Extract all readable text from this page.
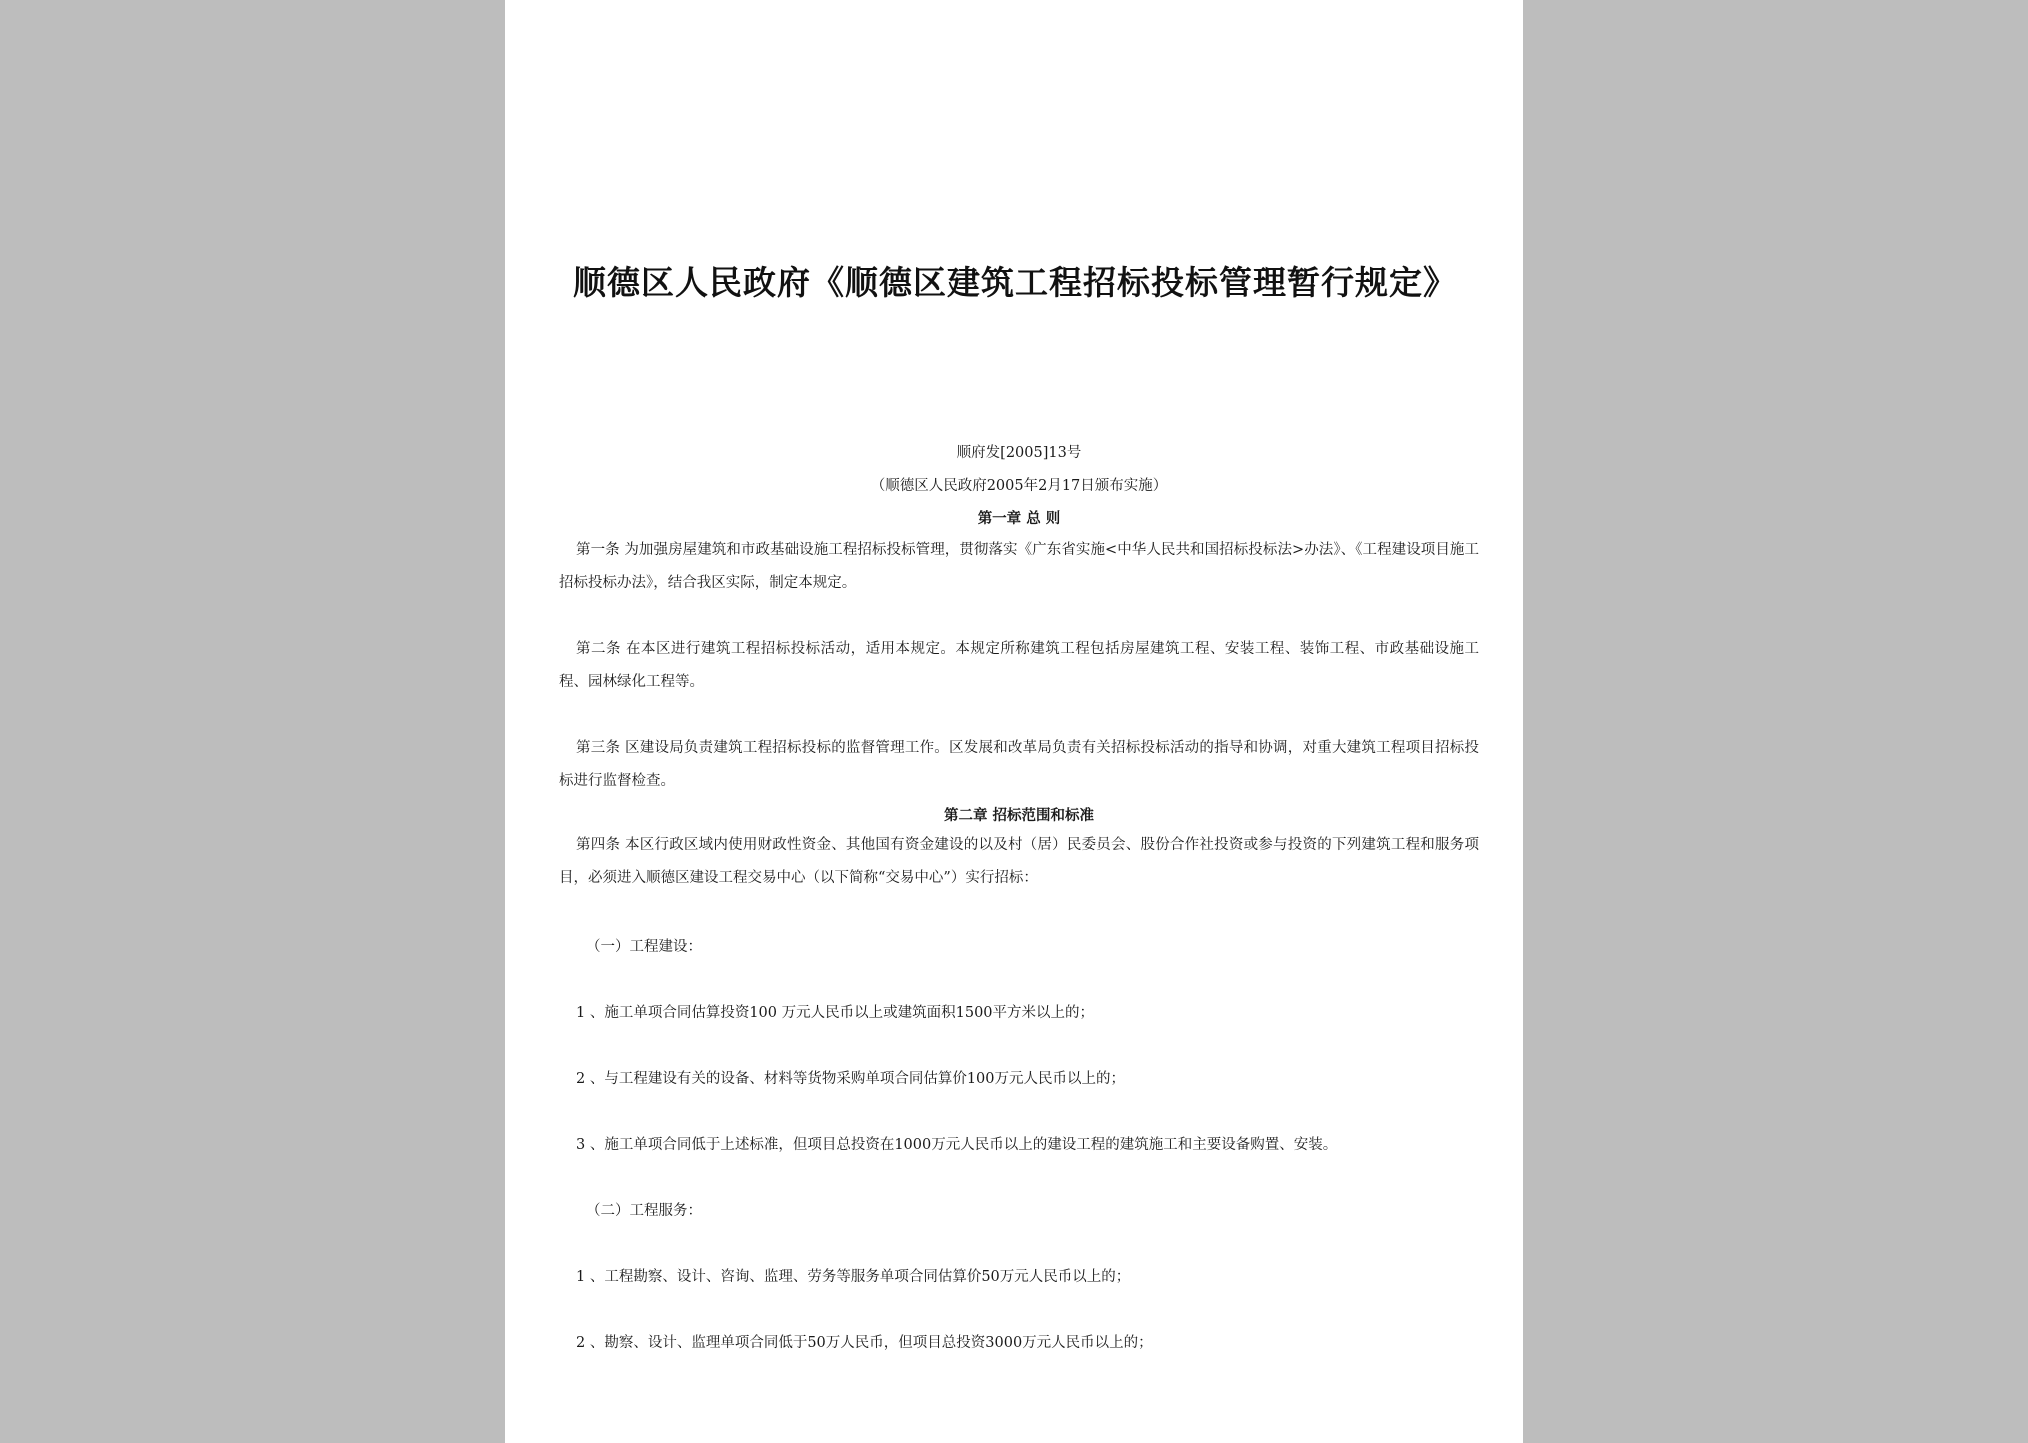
顺德区人民政府《顺德区建筑工程招标投标管理暂行规定》
顺府发[2005]13号
（顺德区人民政府2005年2月17日颁布实施）
第一章 总 则
第一条 为加强房屋建筑和市政基础设施工程招标投标管理，贯彻落实《广东省实施<中华人民共和国招标投标法>办法》、《工程建设项目施工招标投标办法》，结合我区实际，制定本规定。
第二条 在本区进行建筑工程招标投标活动，适用本规定。本规定所称建筑工程包括房屋建筑工程、安装工程、装饰工程、市政基础设施工程、园林绿化工程等。
第三条 区建设局负责建筑工程招标投标的监督管理工作。区发展和改革局负责有关招标投标活动的指导和协调，对重大建筑工程项目招标投标进行监督检查。
第二章 招标范围和标准
第四条 本区行政区域内使用财政性资金、其他国有资金建设的以及村（居）民委员会、股份合作社投资或参与投资的下列建筑工程和服务项目，必须进入顺德区建设工程交易中心（以下简称“交易中心”）实行招标：
（一）工程建设：
1 、施工单项合同估算投资100 万元人民币以上或建筑面积1500平方米以上的；
2 、与工程建设有关的设备、材料等货物采购单项合同估算价100万元人民币以上的；
3 、施工单项合同低于上述标准，但项目总投资在1000万元人民币以上的建设工程的建筑施工和主要设备购置、安装。
（二）工程服务：
1 、工程勘察、设计、咨询、监理、劳务等服务单项合同估算价50万元人民币以上的；
2 、勘察、设计、监理单项合同低于50万人民币，但项目总投资3000万元人民币以上的；
